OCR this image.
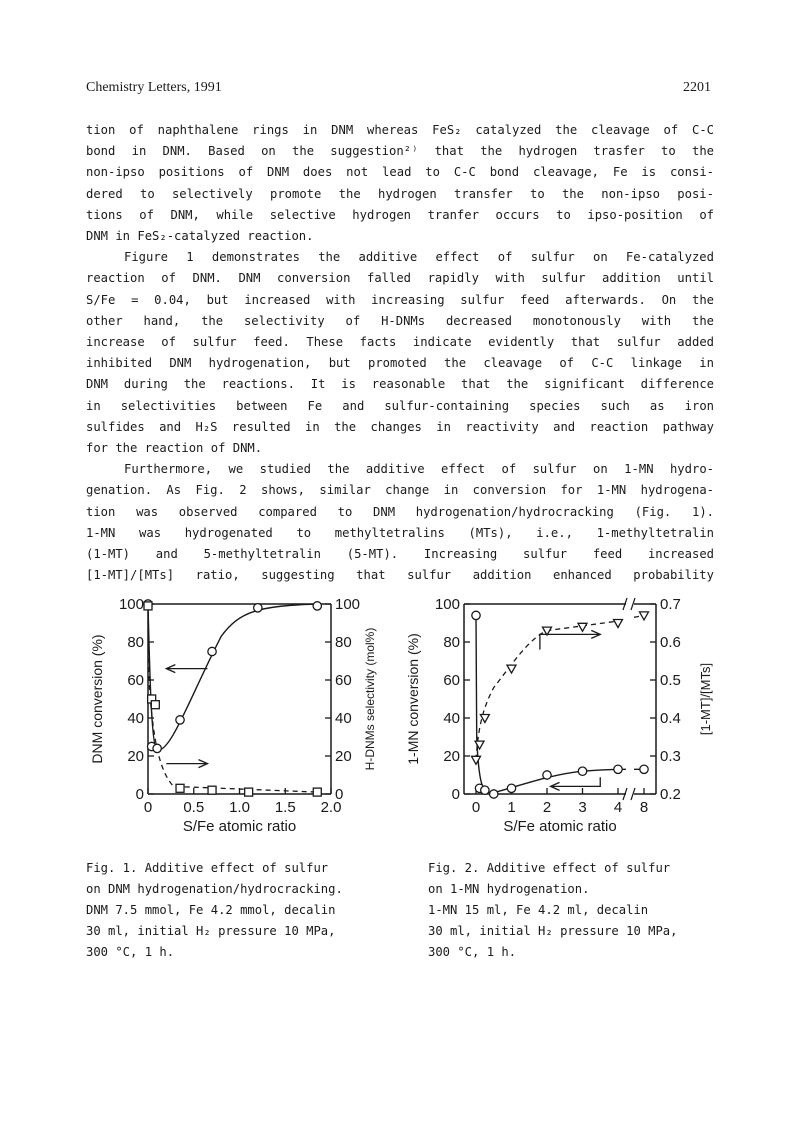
Chemistry Letters, 1991	2201

tion of naphthalene rings in DNM whereas FeS₂ catalyzed the cleavage of C-C

bond in DNM. Based on the suggestion²⁾ that the hydrogen trasfer to the

non-ipso positions of DNM does not lead to C-C bond cleavage, Fe is consi-

dered to selectively promote the hydrogen transfer to the non-ipso posi-

tions of DNM, while selective hydrogen tranfer occurs to ipso-position of

DNM in FeS₂-catalyzed reaction.

Figure 1 demonstrates the additive effect of sulfur on Fe-catalyzed

reaction of DNM. DNM conversion falled rapidly with sulfur addition until

S/Fe = 0.04, but increased with increasing sulfur feed afterwards. On the

other hand, the selectivity of H-DNMs decreased monotonously with the

increase of sulfur feed. These facts indicate evidently that sulfur added

inhibited DNM hydrogenation, but promoted the cleavage of C-C linkage in

DNM during the reactions. It is reasonable that the significant difference

in selectivities between Fe and sulfur-containing species such as iron

sulfides and H₂S resulted in the changes in reactivity and reaction pathway

for the reaction of DNM.

Furthermore, we studied the additive effect of sulfur on 1-MN hydro-

genation. As Fig. 2 shows, similar change in conversion for 1-MN hydrogena-

tion was observed compared to DNM hydrogenation/hydrocracking (Fig. 1).

1-MN was hydrogenated to methyltetralins (MTs), i.e., 1-methyltetralin

(1-MT) and 5-methyltetralin (5-MT). Increasing sulfur feed increased

[1-MT]/[MTs] ratio, suggesting that sulfur addition enhanced probability

0	0
20	20
40	40
60	60
80	80
100	100
0 0.5 1.0 1.5 2.0
S/Fe atomic ratio
DNM conversion (%)	H-DNMs selectivity (mol%)
0
20
40
60
80
100
0.2
0.3
0.4
0.5
0.6
0.7
0 1 2 3 4 8
S/Fe atomic ratio
1-MN conversion (%)	[1-MT]/[MTs]
Fig. 1. Additive effect of sulfur
on DNM hydrogenation/hydrocracking.
DNM 7.5 mmol, Fe 4.2 mmol, decalin
30 ml, initial H₂ pressure 10 MPa,
300 °C, 1 h.
Fig. 2. Additive effect of sulfur
on 1-MN hydrogenation.
1-MN 15 ml, Fe 4.2 ml, decalin
30 ml, initial H₂ pressure 10 MPa,
300 °C, 1 h.
